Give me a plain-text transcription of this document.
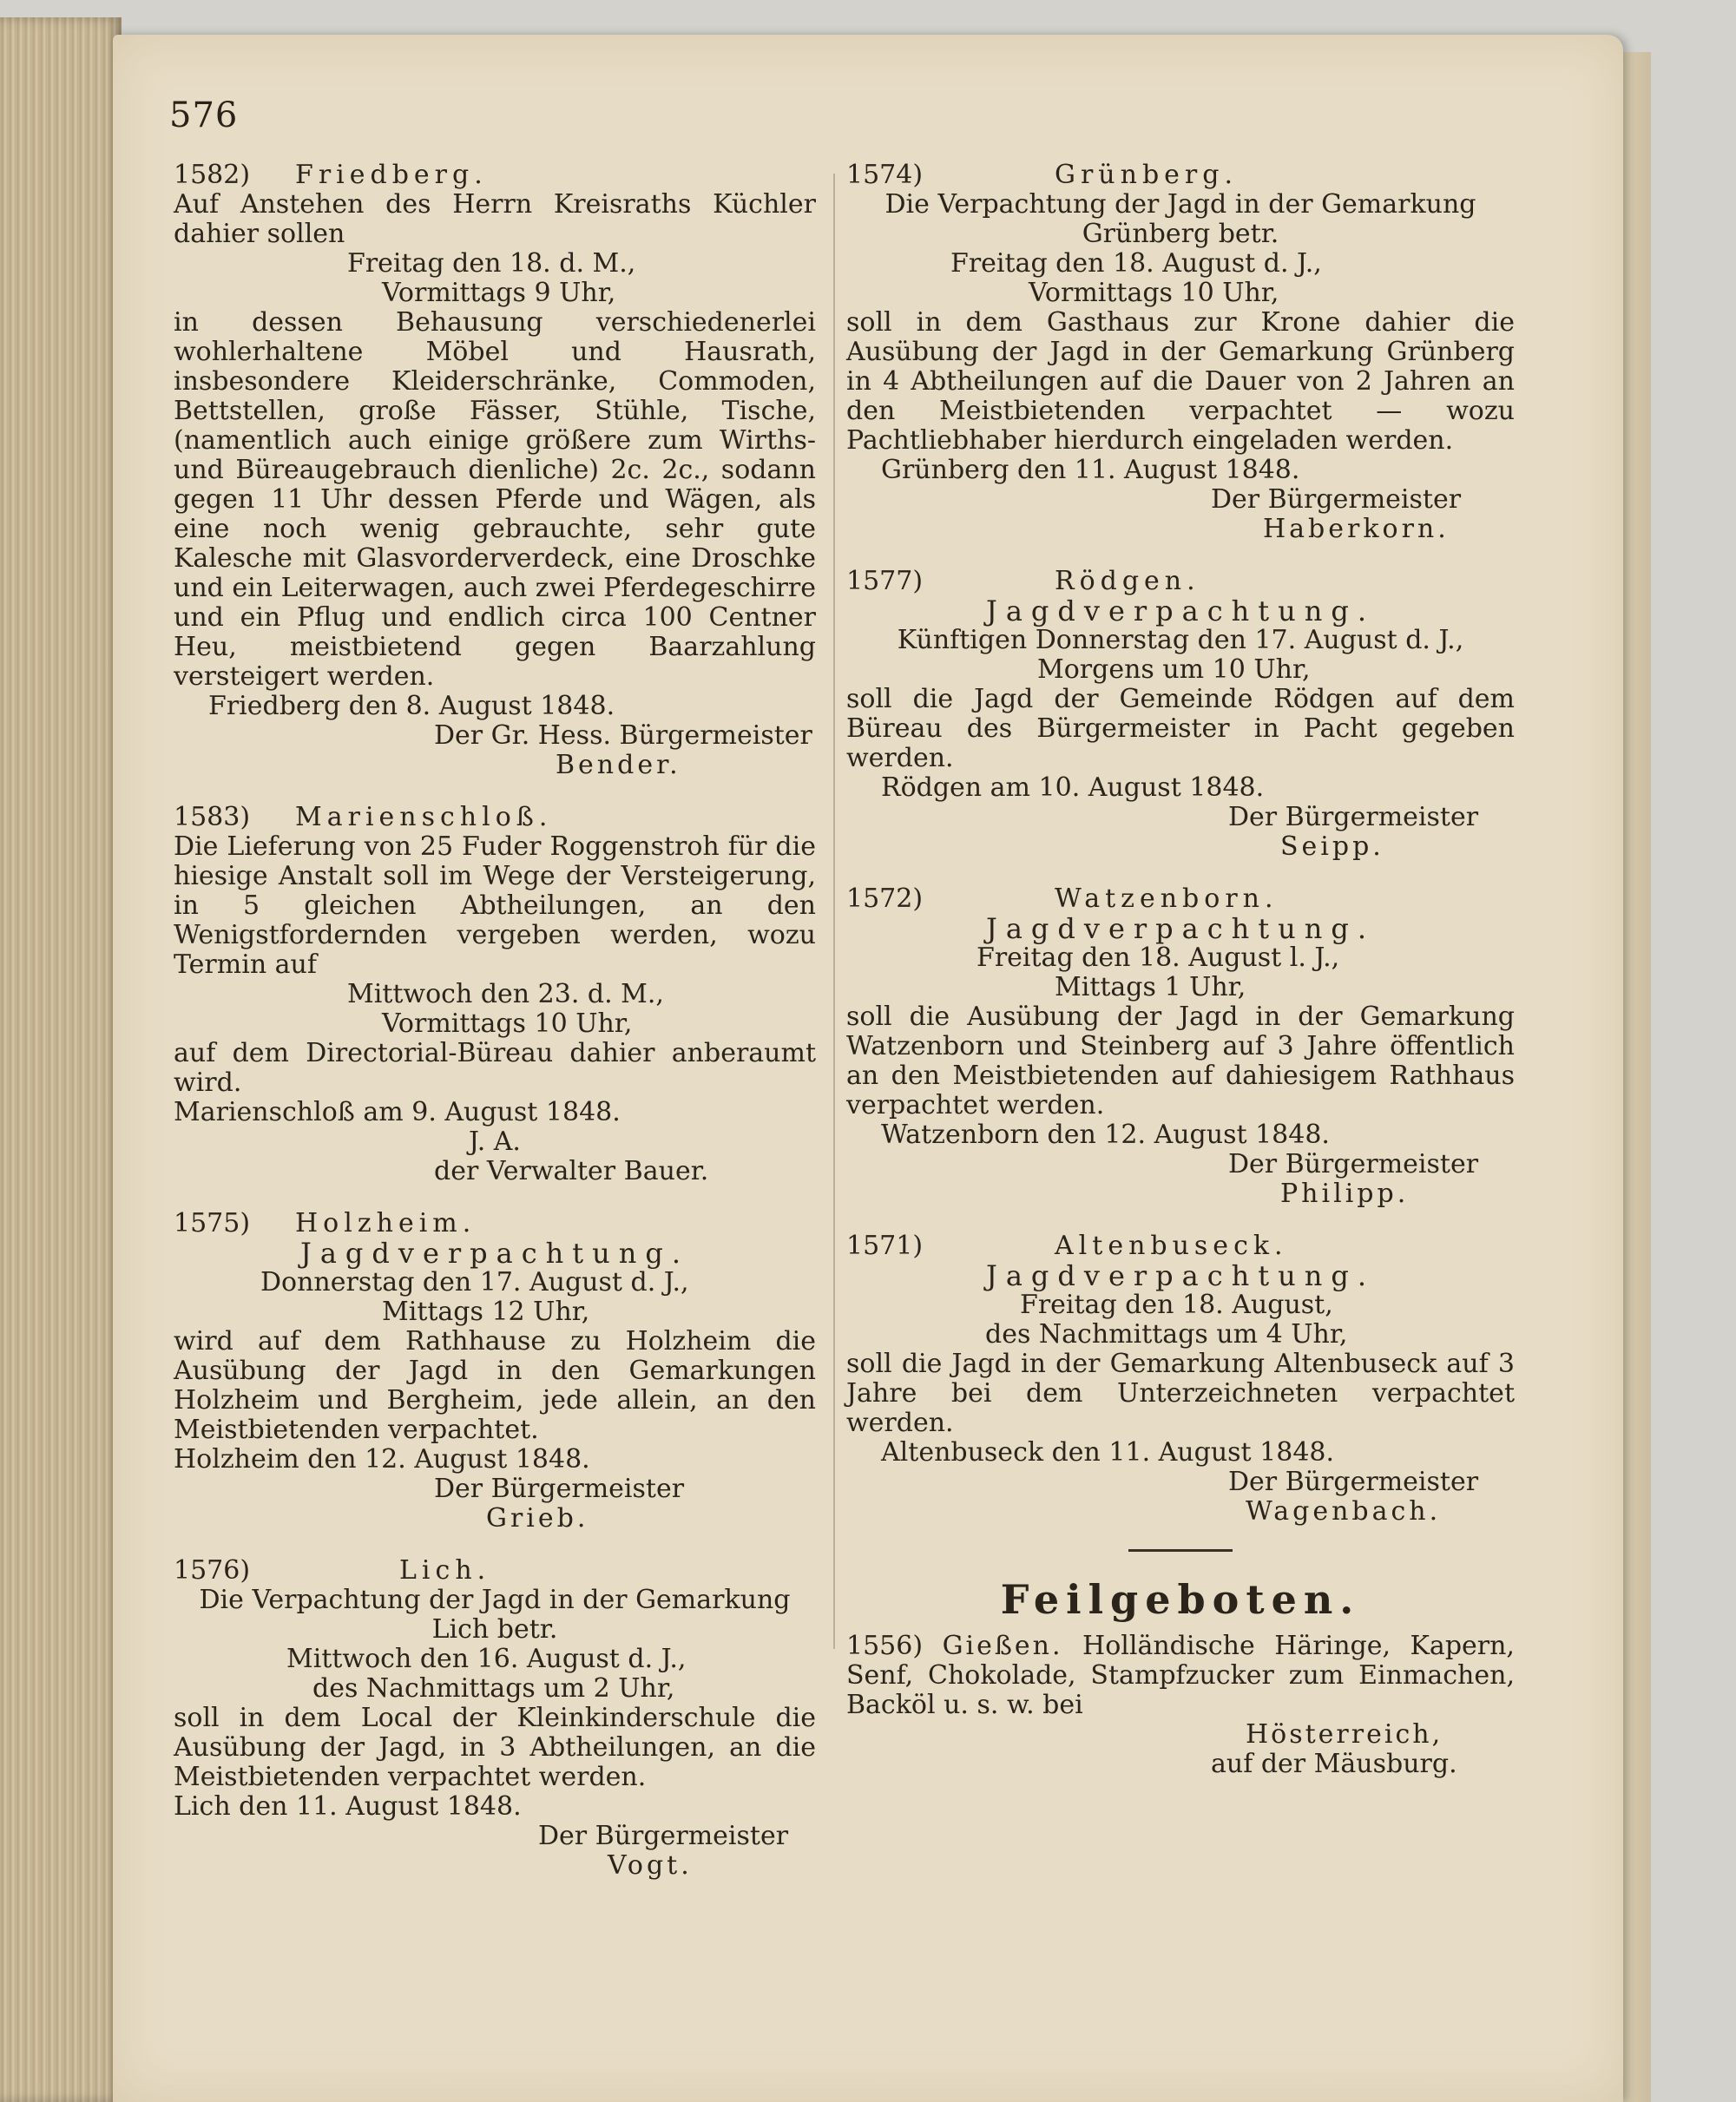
576
1582)	Friedberg.
Auf Anstehen des Herrn Kreisraths Küchler dahier sollen
Freitag den 18. d. M.,
Vormittags 9 Uhr,
in dessen Behausung verschiedenerlei wohlerhaltene Möbel und Hausrath, insbesondere Kleiderschränke, Commoden, Bettstellen, große Fässer, Stühle, Tische, (namentlich auch einige größere zum Wirths- und Büreaugebrauch dienliche) 2c. 2c., sodann gegen 11 Uhr dessen Pferde und Wägen, als eine noch wenig gebrauchte, sehr gute Kalesche mit Glasvorderverdeck, eine Droschke und ein Leiterwagen, auch zwei Pferdegeschirre und ein Pflug und endlich circa 100 Centner Heu, meistbietend gegen Baarzahlung versteigert werden.
Friedberg den 8. August 1848.
Der Gr. Hess. Bürgermeister
Bender.
1583)	Marienschloß.
Die Lieferung von 25 Fuder Roggenstroh für die hiesige Anstalt soll im Wege der Versteigerung, in 5 gleichen Abtheilungen, an den Wenigstfordernden vergeben werden, wozu Termin auf
Mittwoch den 23. d. M.,
Vormittags 10 Uhr,
auf dem Directorial-Büreau dahier anberaumt wird.
Marienschloß am 9. August 1848.
J. A.
der Verwalter Bauer.
1575)	Holzheim.
Jagdverpachtung.
Donnerstag den 17. August d. J.,
Mittags 12 Uhr,
wird auf dem Rathhause zu Holzheim die Ausübung der Jagd in den Gemarkungen Holzheim und Bergheim, jede allein, an den Meistbietenden verpachtet.
Holzheim den 12. August 1848.
Der Bürgermeister
Grieb.
1576)	Lich.
Die Verpachtung der Jagd in der Gemarkung Lich betr.
Mittwoch den 16. August d. J.,
des Nachmittags um 2 Uhr,
soll in dem Local der Kleinkinderschule die Ausübung der Jagd, in 3 Abtheilungen, an die Meistbietenden verpachtet werden.
Lich den 11. August 1848.
Der Bürgermeister
Vogt.
1574)	Grünberg.
Die Verpachtung der Jagd in der Gemarkung Grünberg betr.
Freitag den 18. August d. J.,
Vormittags 10 Uhr,
soll in dem Gasthaus zur Krone dahier die Ausübung der Jagd in der Gemarkung Grünberg in 4 Abtheilungen auf die Dauer von 2 Jahren an den Meistbietenden verpachtet — wozu Pachtliebhaber hierdurch eingeladen werden.
Grünberg den 11. August 1848.
Der Bürgermeister
Haberkorn.
1577)	Rödgen.
Jagdverpachtung.
Künftigen Donnerstag den 17. August d. J.,
Morgens um 10 Uhr,
soll die Jagd der Gemeinde Rödgen auf dem Büreau des Bürgermeister in Pacht gegeben werden.
Rödgen am 10. August 1848.
Der Bürgermeister
Seipp.
1572)	Watzenborn.
Jagdverpachtung.
Freitag den 18. August l. J.,
Mittags 1 Uhr,
soll die Ausübung der Jagd in der Gemarkung Watzenborn und Steinberg auf 3 Jahre öffentlich an den Meistbietenden auf dahiesigem Rathhaus verpachtet werden.
Watzenborn den 12. August 1848.
Der Bürgermeister
Philipp.
1571)	Altenbuseck.
Jagdverpachtung.
Freitag den 18. August,
des Nachmittags um 4 Uhr,
soll die Jagd in der Gemarkung Altenbuseck auf 3 Jahre bei dem Unterzeichneten verpachtet werden.
Altenbuseck den 11. August 1848.
Der Bürgermeister
Wagenbach.
Feilgeboten.
1556) Gießen. Holländische Häringe, Kapern, Senf, Chokolade, Stampfzucker zum Einmachen, Backöl u. s. w. bei
Hösterreich,
auf der Mäusburg.
